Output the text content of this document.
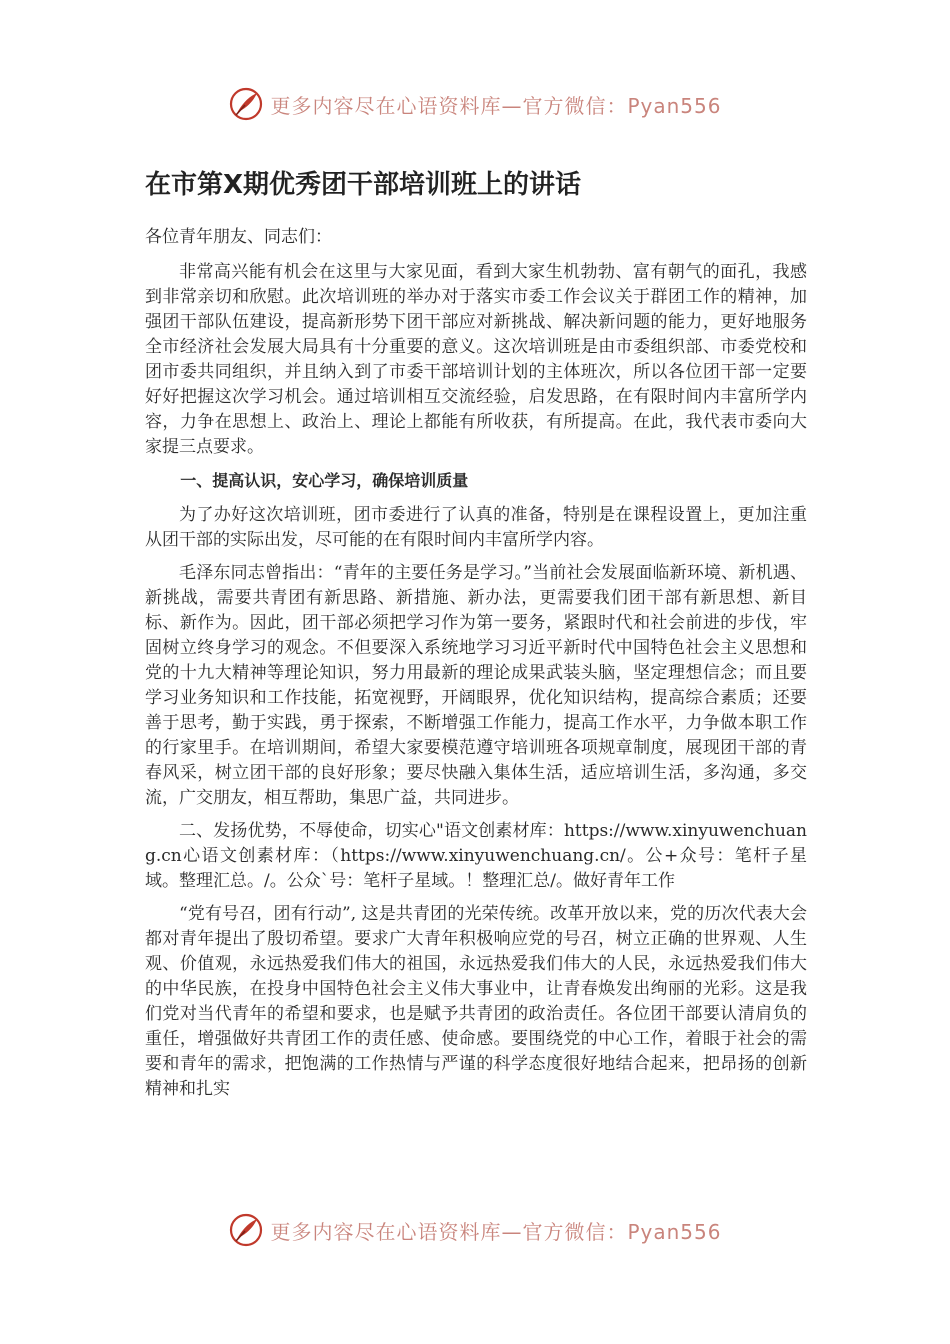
更多内容尽在心语资料库—官方微信：Pyan556
在市第X期优秀团干部培训班上的讲话

各位青年朋友、同志们：

非常高兴能有机会在这里与大家见面，看到大家生机勃勃、富有朝气的面孔，我感到非常亲切和欣慰。此次培训班的举办对于落实市委工作会议关于群团工作的精神，加强团干部队伍建设，提高新形势下团干部应对新挑战、解决新问题的能力，更好地服务全市经济社会发展大局具有十分重要的意义。这次培训班是由市委组织部、市委党校和团市委共同组织，并且纳入到了市委干部培训计划的主体班次，所以各位团干部一定要好好把握这次学习机会。通过培训相互交流经验，启发思路，在有限时间内丰富所学内容，力争在思想上、政治上、理论上都能有所收获，有所提高。在此，我代表市委向大家提三点要求。

一、提高认识，安心学习，确保培训质量

为了办好这次培训班，团市委进行了认真的准备，特别是在课程设置上，更加注重从团干部的实际出发，尽可能的在有限时间内丰富所学内容。

毛泽东同志曾指出：“青年的主要任务是学习。”当前社会发展面临新环境、新机遇、新挑战，需要共青团有新思路、新措施、新办法，更需要我们团干部有新思想、新目标、新作为。因此，团干部必须把学习作为第一要务，紧跟时代和社会前进的步伐，牢固树立终身学习的观念。不但要深入系统地学习习近平新时代中国特色社会主义思想和党的十九大精神等理论知识，努力用最新的理论成果武装头脑，坚定理想信念；而且要学习业务知识和工作技能，拓宽视野，开阔眼界，优化知识结构，提高综合素质；还要善于思考，勤于实践，勇于探索，不断增强工作能力，提高工作水平，力争做本职工作的行家里手。在培训期间，希望大家要模范遵守培训班各项规章制度，展现团干部的青春风采，树立团干部的良好形象；要尽快融入集体生活，适应培训生活，多沟通，多交流，广交朋友，相互帮助，集思广益，共同进步。

二、发扬优势，不辱使命，切实心"语文创素材库：https://www.xinyuwenchuang.cn心语文创素材库：（https://www.xinyuwenchuang.cn/。公+众号：笔杆子星域。整理汇总。/。公众`号：笔杆子星域。！整理汇总/。做好青年工作

“党有号召，团有行动”, 这是共青团的光荣传统。改革开放以来，党的历次代表大会都对青年提出了殷切希望。要求广大青年积极响应党的号召，树立正确的世界观、人生观、价值观，永远热爱我们伟大的祖国，永远热爱我们伟大的人民，永远热爱我们伟大的中华民族，在投身中国特色社会主义伟大事业中，让青春焕发出绚丽的光彩。这是我们党对当代青年的希望和要求，也是赋予共青团的政治责任。各位团干部要认清肩负的重任，增强做好共青团工作的责任感、使命感。要围绕党的中心工作，着眼于社会的需要和青年的需求，把饱满的工作热情与严谨的科学态度很好地结合起来，把昂扬的创新精神和扎实

更多内容尽在心语资料库—官方微信：Pyan556
